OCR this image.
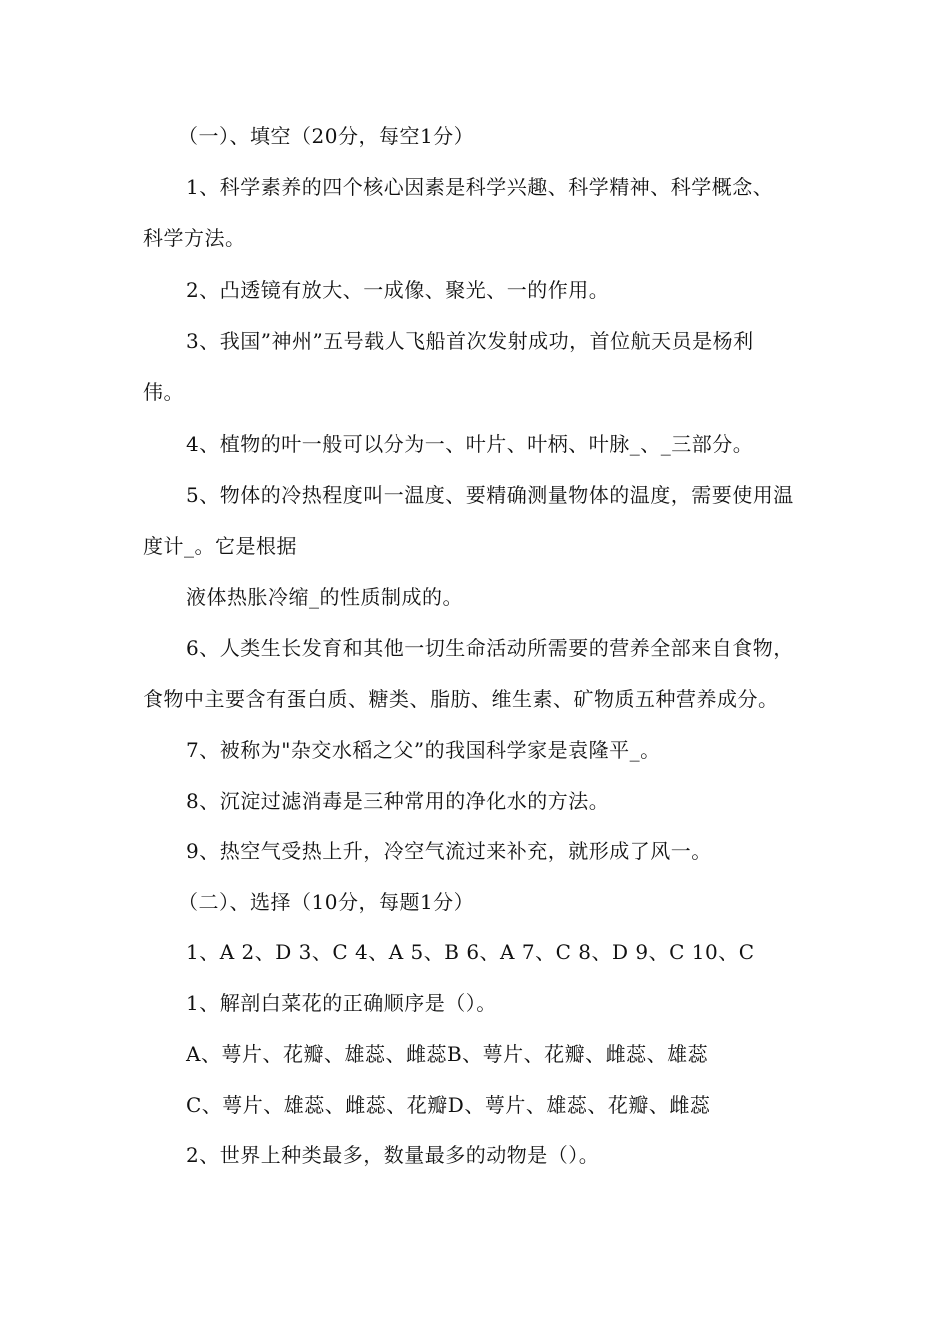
（一）、填空（20分，每空1分）
1、科学素养的四个核心因素是科学兴趣、科学精神、科学概念、
科学方法。
2、凸透镜有放大、一成像、聚光、一的作用。
3、我国”神州”五号载人飞船首次发射成功，首位航天员是杨利
伟。
4、植物的叶一般可以分为一、叶片、叶柄、叶脉_、_三部分。
5、物体的冷热程度叫一温度、要精确测量物体的温度，需要使用温
度计_。它是根据
液体热胀冷缩_的性质制成的。
6、人类生长发育和其他一切生命活动所需要的营养全部来自食物，
食物中主要含有蛋白质、糖类、脂肪、维生素、矿物质五种营养成分。
7、被称为"杂交水稻之父”的我国科学家是袁隆平_。
8、沉淀过滤消毒是三种常用的净化水的方法。
9、热空气受热上升，冷空气流过来补充，就形成了风一。
（二）、选择（10分，每题1分）
1、A 2、D 3、C 4、A 5、B 6、A 7、C 8、D 9、C 10、C
1、解剖白菜花的正确顺序是（）。
A、萼片、花瓣、雄蕊、雌蕊B、萼片、花瓣、雌蕊、雄蕊
C、萼片、雄蕊、雌蕊、花瓣D、萼片、雄蕊、花瓣、雌蕊
2、世界上种类最多，数量最多的动物是（）。
